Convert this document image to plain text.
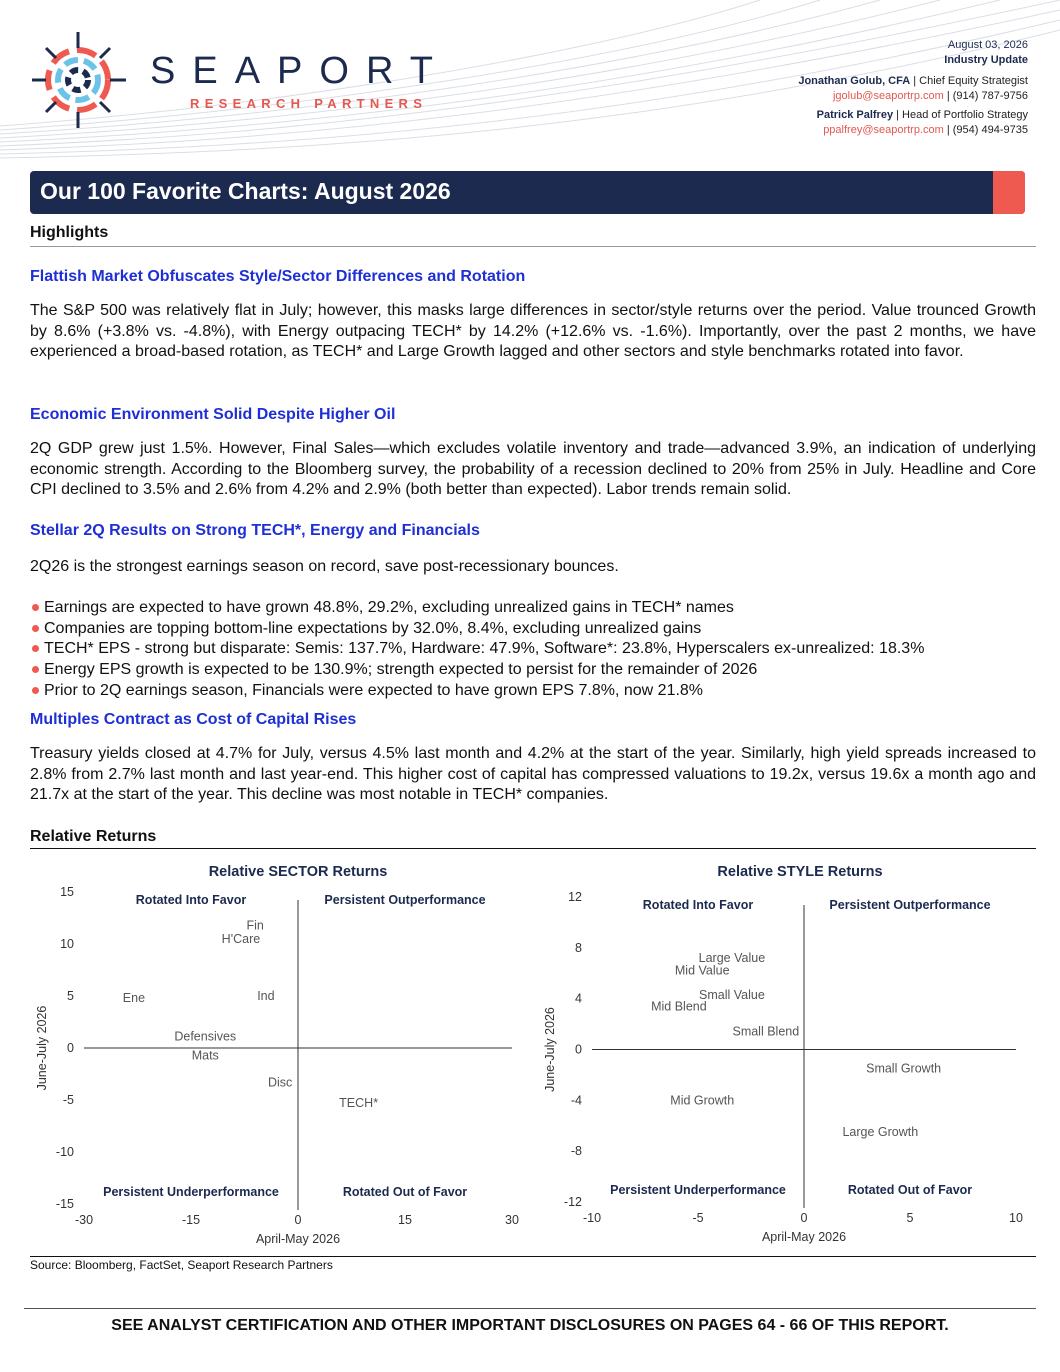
SEAPORT
RESEARCH PARTNERS
August 03, 2026
Industry Update
Jonathan Golub, CFA | Chief Equity Strategist
jgolub@seaportrp.com | (914) 787-9756
Patrick Palfrey | Head of Portfolio Strategy
ppalfrey@seaportrp.com | (954) 494-9735
Our 100 Favorite Charts: August 2026
Highlights
Flattish Market Obfuscates Style/Sector Differences and Rotation

The S&P 500 was relatively flat in July; however, this masks large differences in sector/style returns over the period. Value trounced Growth by 8.6% (+3.8% vs. -4.8%), with Energy outpacing TECH* by 14.2% (+12.6% vs. -1.6%). Importantly, over the past 2 months, we have experienced a broad-based rotation, as TECH* and Large Growth lagged and other sectors and style benchmarks rotated into favor.

Economic Environment Solid Despite Higher Oil

2Q GDP grew just 1.5%. However, Final Sales—which excludes volatile inventory and trade—advanced 3.9%, an indication of underlying economic strength. According to the Bloomberg survey, the probability of a recession declined to 20% from 25% in July. Headline and Core CPI declined to 3.5% and 2.6% from 4.2% and 2.9% (both better than expected). Labor trends remain solid.

Stellar 2Q Results on Strong TECH*, Energy and Financials

2Q26 is the strongest earnings season on record, save post-recessionary bounces.

Earnings are expected to have grown 48.8%, 29.2%, excluding unrealized gains in TECH* names
Companies are topping bottom-line expectations by 32.0%, 8.4%, excluding unrealized gains
TECH* EPS - strong but disparate: Semis: 137.7%, Hardware: 47.9%, Software*: 23.8%, Hyperscalers ex-unrealized: 18.3%
Energy EPS growth is expected to be 130.9%; strength expected to persist for the remainder of 2026
Prior to 2Q earnings season, Financials were expected to have grown EPS 7.8%, now 21.8%
Multiples Contract as Cost of Capital Rises

Treasury yields closed at 4.7% for July, versus 4.5% last month and 4.2% at the start of the year. Similarly, high yield spreads increased to 2.8% from 2.7% last month and last year-end. This higher cost of capital has compressed valuations to 19.2x, versus 19.6x a month ago and 21.7x at the start of the year. This decline was most notable in TECH* companies.

Relative Returns
Relative SECTOR Returns
-30	-15	0	15	30
15
10
5
0
-5
-10
-15
April-May 2026
June-July 2026
Rotated Into Favor	Persistent Outperformance
Persistent Underperformance	Rotated Out of Favor
Fin
H'Care
Ene	Ind
Defensives
Mats
Disc
TECH*
Relative STYLE Returns
-10	-5	0	5	10
12
8
4
0
-4
-8
-12
April-May 2026
June-July 2026
Rotated Into Favor	Persistent Outperformance
Persistent Underperformance	Rotated Out of Favor
Large Value
Mid Value
Small Value
Mid Blend
Small Blend
Small Growth
Mid Growth
Large Growth
Source: Bloomberg, FactSet, Seaport Research Partners
SEE ANALYST CERTIFICATION AND OTHER IMPORTANT DISCLOSURES ON PAGES 64 - 66 OF THIS REPORT.
